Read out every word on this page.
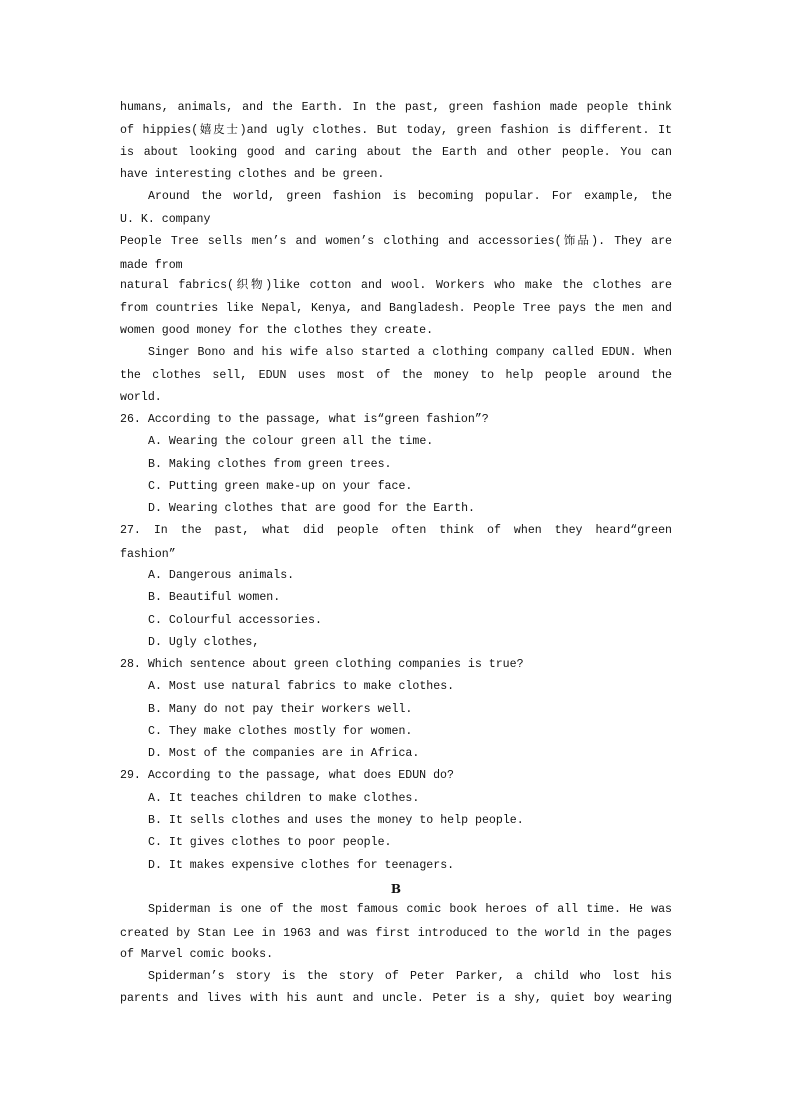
humans, animals, and the Earth. In the past, green fashion made people think
of hippies(嬉皮士)and ugly clothes. But today, green fashion is different. It
is about looking good and caring about the Earth and other people. You can
have interesting clothes and be green.
Around the world, green fashion is becoming popular. For example, the
U. K. company
People Tree sells men’s and women’s clothing and accessories(饰品). They are
made from
natural fabrics(织物)like cotton and wool. Workers who make the clothes are
from countries like Nepal, Kenya, and Bangladesh. People Tree pays the men and
women good money for the clothes they create.
Singer Bono and his wife also started a clothing company called EDUN. When
the clothes sell, EDUN uses most of the money to help people around the
world.
26. According to the passage, what is“green fashion”?
A. Wearing the colour green all the time.
B. Making clothes from green trees.
C. Putting green make-up on your face.
D. Wearing clothes that are good for the Earth.
27. In the past, what did people often think of when they heard“green
fashion”
A. Dangerous animals.
B. Beautiful women.
C. Colourful accessories.
D. Ugly clothes,
28. Which sentence about green clothing companies is true?
A. Most use natural fabrics to make clothes.
B. Many do not pay their workers well.
C. They make clothes mostly for women.
D. Most of the companies are in Africa.
29. According to the passage, what does EDUN do?
A. It teaches children to make clothes.
B. It sells clothes and uses the money to help people.
C. It gives clothes to poor people.
D. It makes expensive clothes for teenagers.
B
Spiderman is one of the most famous comic book heroes of all time. He was
created by Stan Lee in 1963 and was first introduced to the world in the pages
of Marvel comic books.
Spiderman’s story is the story of Peter Parker, a child who lost his
parents and lives with his aunt and uncle. Peter is a shy, quiet boy wearing
